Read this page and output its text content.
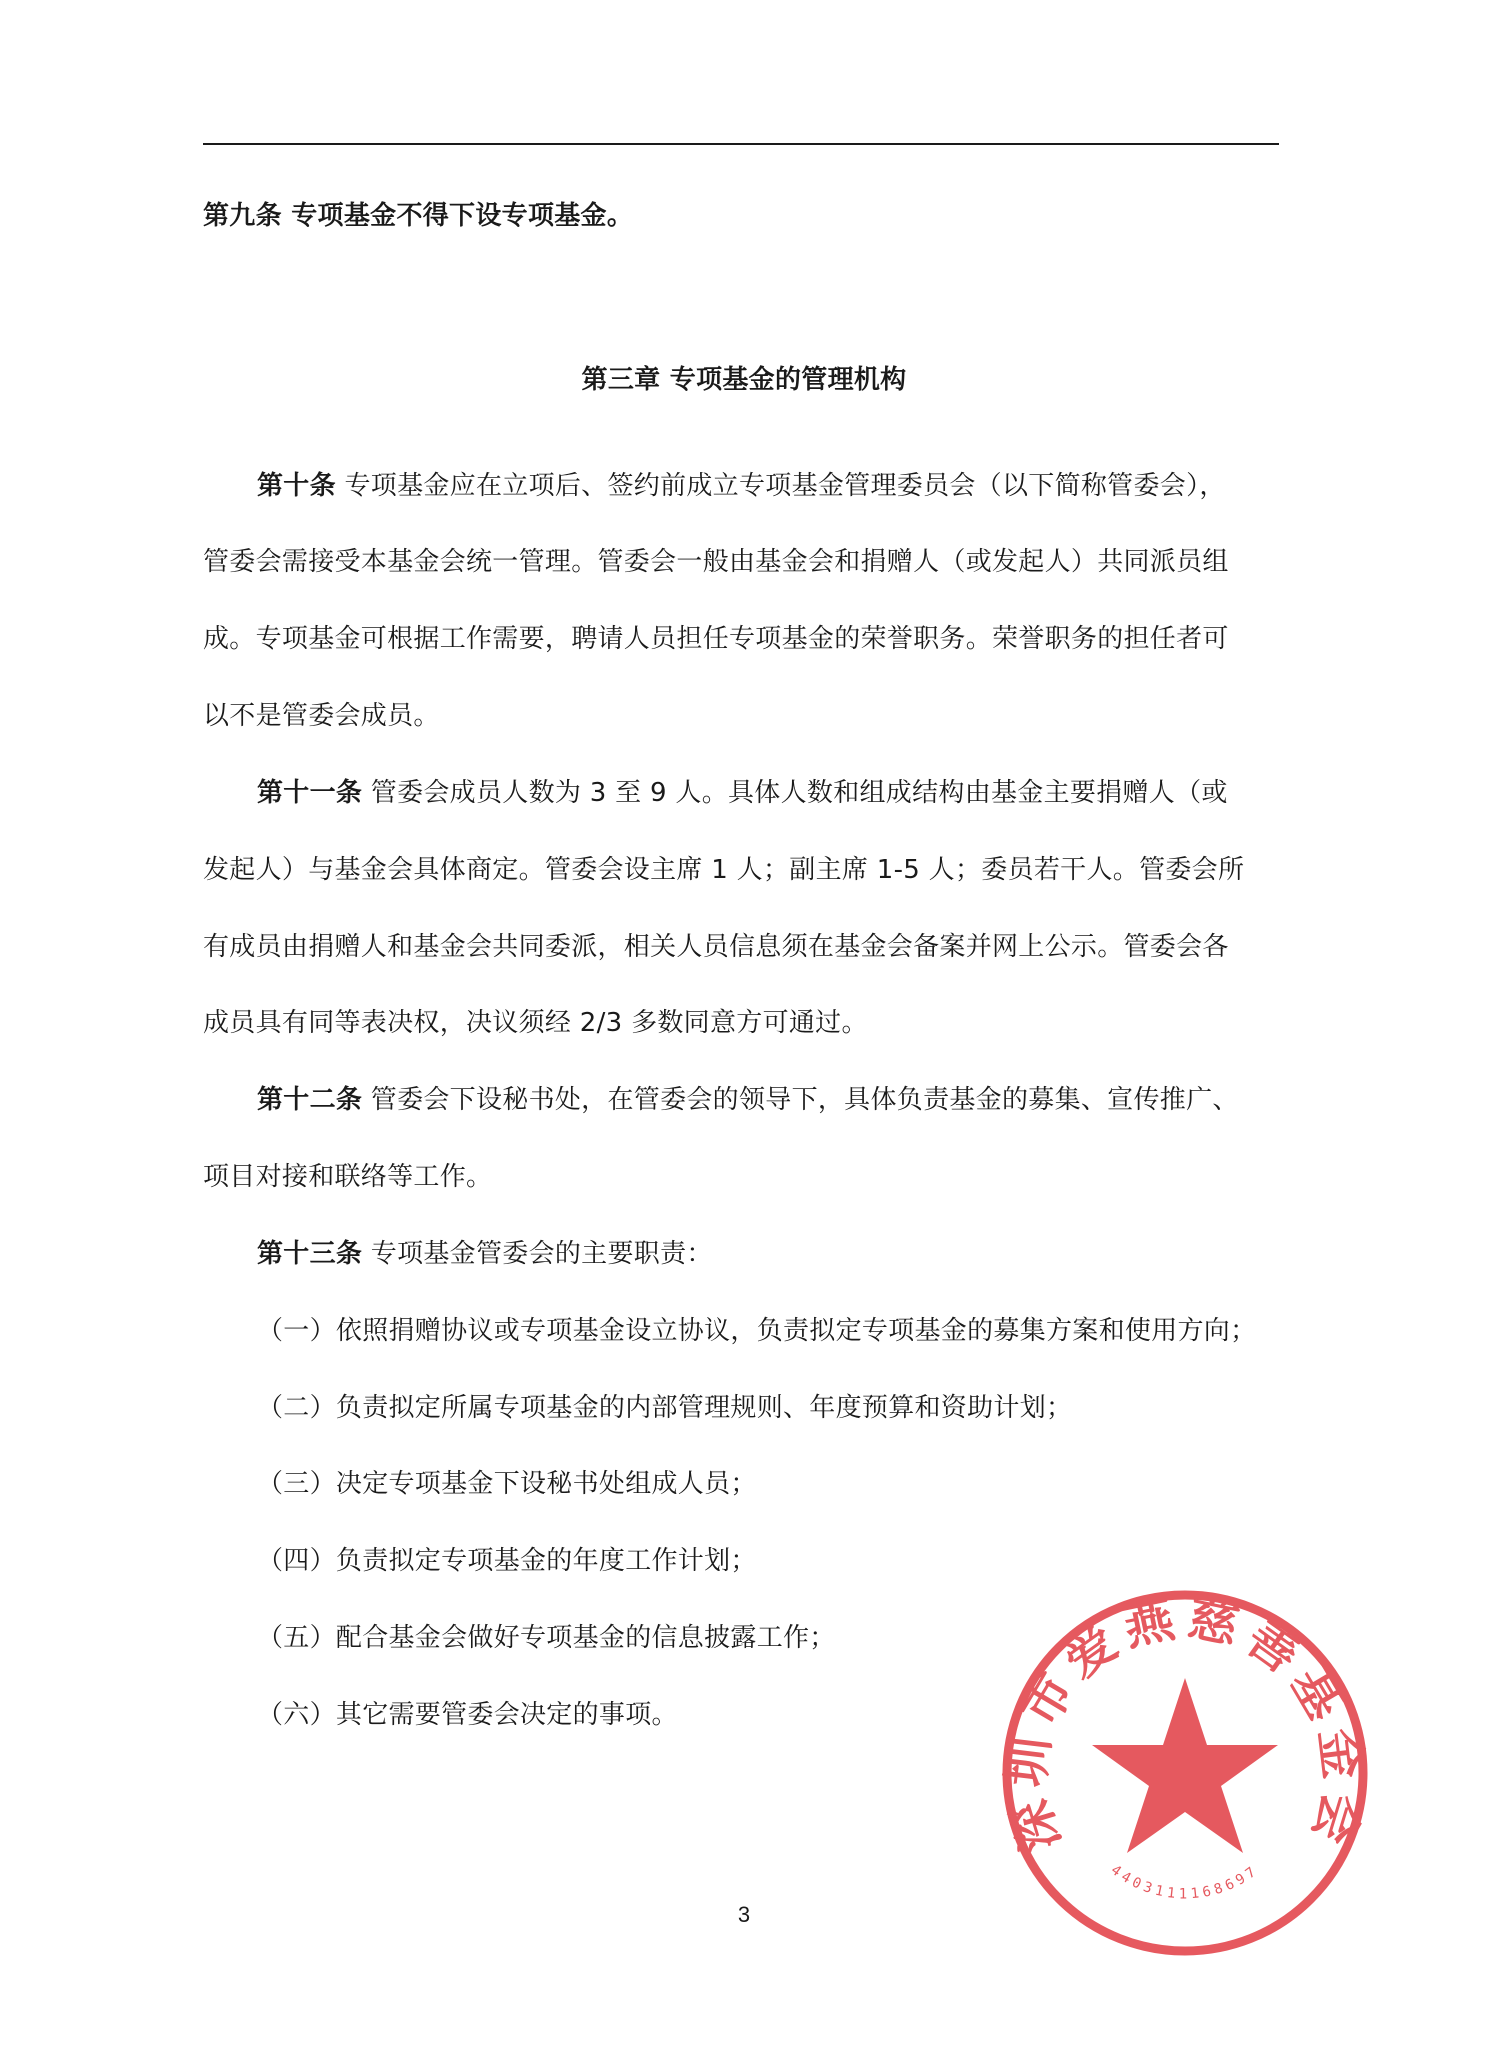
第九条 专项基金不得下设专项基金。
第三章 专项基金的管理机构
第十条 专项基金应在立项后、签约前成立专项基金管理委员会（以下简称管委会），
管委会需接受本基金会统一管理。管委会一般由基金会和捐赠人（或发起人）共同派员组
成。专项基金可根据工作需要，聘请人员担任专项基金的荣誉职务。荣誉职务的担任者可
以不是管委会成员。
第十一条 管委会成员人数为 3 至 9 人。具体人数和组成结构由基金主要捐赠人（或
发起人）与基金会具体商定。管委会设主席 1 人；副主席 1-5 人；委员若干人。管委会所
有成员由捐赠人和基金会共同委派，相关人员信息须在基金会备案并网上公示。管委会各
成员具有同等表决权，决议须经 2/3 多数同意方可通过。
第十二条 管委会下设秘书处，在管委会的领导下，具体负责基金的募集、宣传推广、
项目对接和联络等工作。
第十三条 专项基金管委会的主要职责：
（一）依照捐赠协议或专项基金设立协议，负责拟定专项基金的募集方案和使用方向；
（二）负责拟定所属专项基金的内部管理规则、年度预算和资助计划；
（三）决定专项基金下设秘书处组成人员；
（四）负责拟定专项基金的年度工作计划；
（五）配合基金会做好专项基金的信息披露工作；
（六）其它需要管委会决定的事项。
深圳市爱燕慈善基金会
4403111168697
3
